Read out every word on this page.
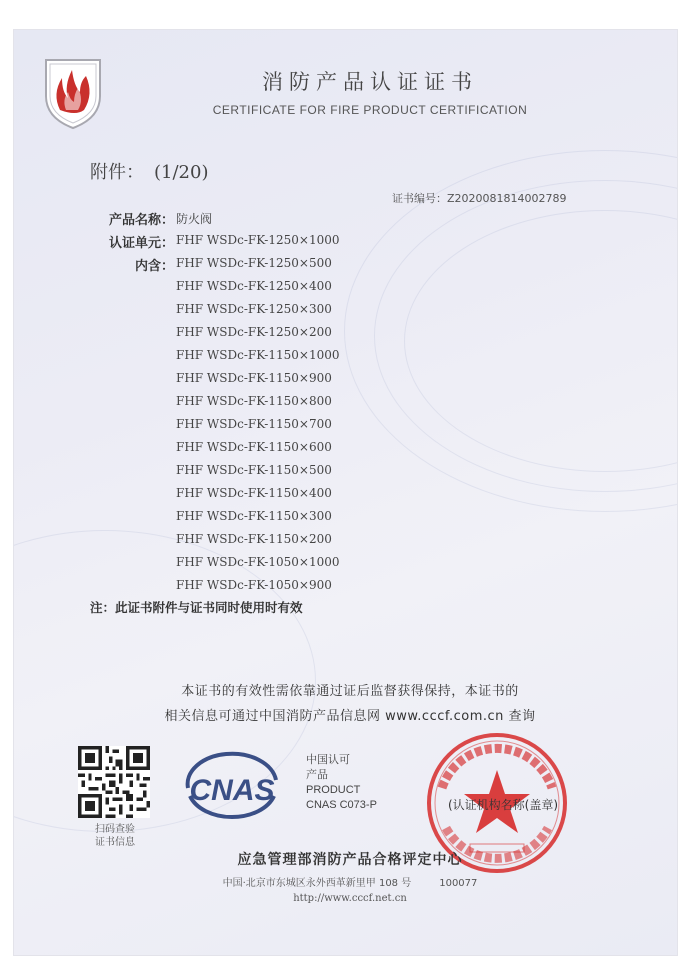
消防产品认证证书
CERTIFICATE FOR FIRE PRODUCT CERTIFICATION
附件： (1/20)
证书编号：Z2020081814002789
产品名称： 防火阀
认证单元： FHF WSDc-FK-1250×1000
内含： FHF WSDc-FK-1250×500
FHF WSDc-FK-1250×400
FHF WSDc-FK-1250×300
FHF WSDc-FK-1250×200
FHF WSDc-FK-1150×1000
FHF WSDc-FK-1150×900
FHF WSDc-FK-1150×800
FHF WSDc-FK-1150×700
FHF WSDc-FK-1150×600
FHF WSDc-FK-1150×500
FHF WSDc-FK-1150×400
FHF WSDc-FK-1150×300
FHF WSDc-FK-1150×200
FHF WSDc-FK-1050×1000
FHF WSDc-FK-1050×900
注：此证书附件与证书同时使用时有效
本证书的有效性需依靠通过证后监督获得保持，本证书的
相关信息可通过中国消防产品信息网 www.cccf.com.cn 查询
扫码查验
证书信息
CNAS
中国认可
产品
PRODUCT
CNAS C073-P	(认证机构名称(盖章)
应急管理部消防产品合格评定中心
中国·北京市东城区永外西革新里甲 108 号	100077
http://www.cccf.net.cn
